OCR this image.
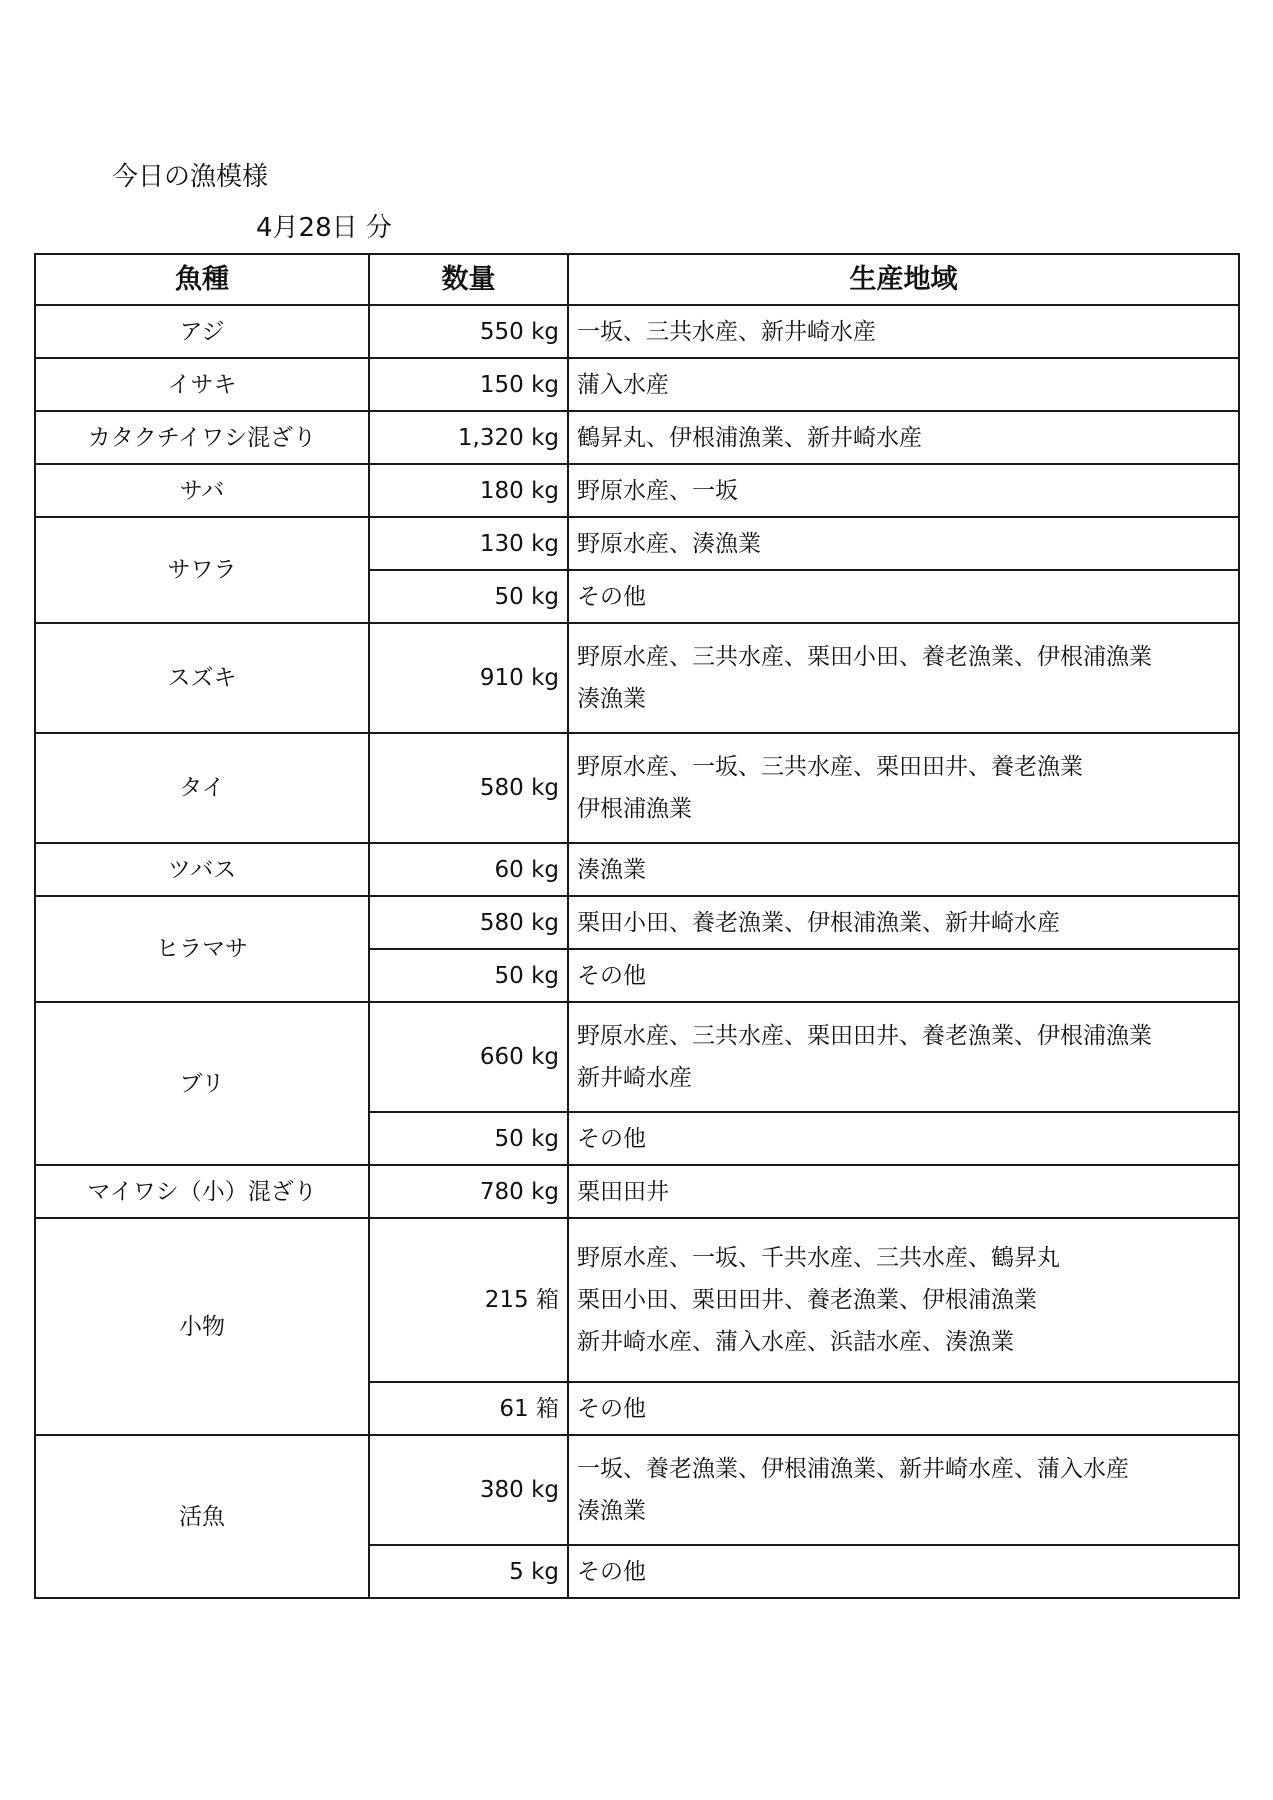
今日の漁模様
4月28日 分
魚種	数量	生産地域
アジ	550 kg	一坂、三共水産、新井崎水産

イサキ	150 kg	蒲入水産

カタクチイワシ混ざり	1,320 kg	鶴昇丸、伊根浦漁業、新井崎水産

サバ	180 kg	野原水産、一坂

サワラ	130 kg	野原水産、湊漁業

	50 kg	その他

スズキ	910 kg	野原水産、三共水産、栗田小田、養老漁業、伊根浦漁業
湊漁業

タイ	580 kg	野原水産、一坂、三共水産、栗田田井、養老漁業
伊根浦漁業

ツバス	60 kg	湊漁業

ヒラマサ	580 kg	栗田小田、養老漁業、伊根浦漁業、新井崎水産

	50 kg	その他

ブリ	660 kg	野原水産、三共水産、栗田田井、養老漁業、伊根浦漁業
新井崎水産

	50 kg	その他

マイワシ（小）混ざり	780 kg	栗田田井

小物	215 箱	野原水産、一坂、千共水産、三共水産、鶴昇丸
栗田小田、栗田田井、養老漁業、伊根浦漁業
新井崎水産、蒲入水産、浜詰水産、湊漁業

	61 箱	その他

活魚	380 kg	一坂、養老漁業、伊根浦漁業、新井崎水産、蒲入水産
湊漁業

	5 kg	その他
